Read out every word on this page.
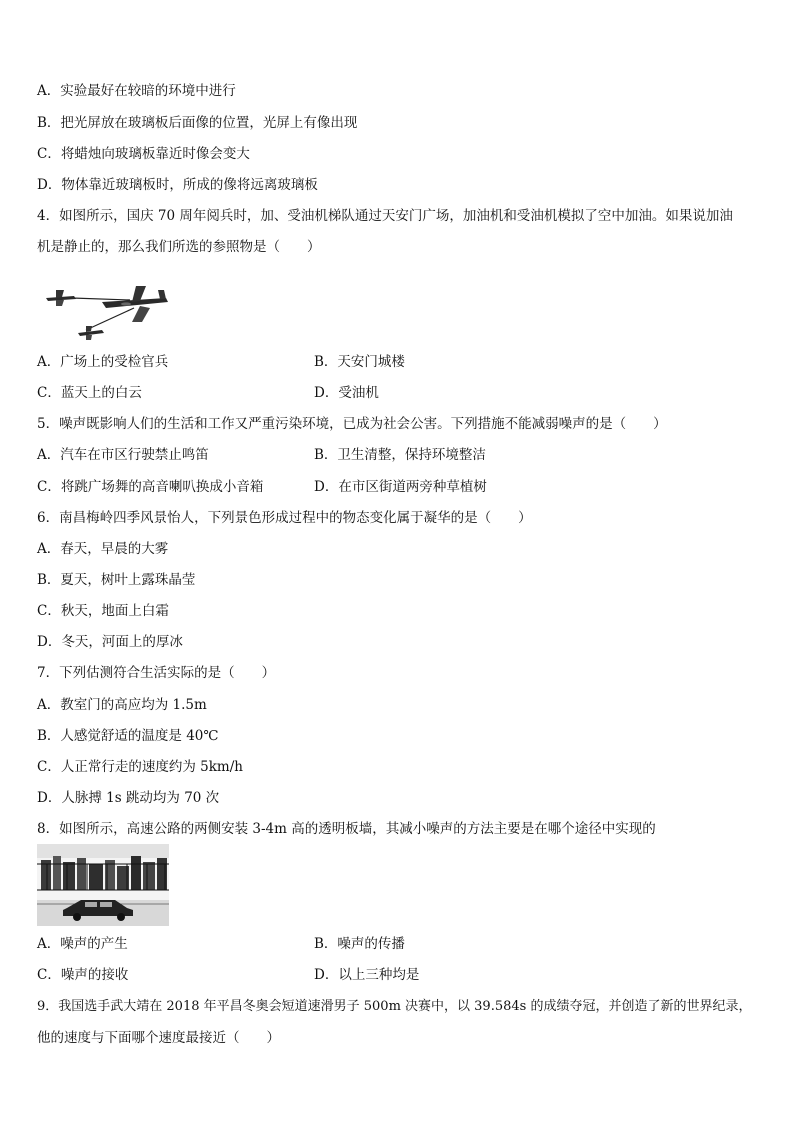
A．实验最好在较暗的环境中进行
B．把光屏放在玻璃板后面像的位置，光屏上有像出现
C．将蜡烛向玻璃板靠近时像会变大
D．物体靠近玻璃板时，所成的像将远离玻璃板
4．如图所示，国庆 70 周年阅兵时，加、受油机梯队通过天安门广场，加油机和受油机模拟了空中加油。如果说加油
机是静止的，那么我们所选的参照物是（　　）
A．广场上的受检官兵	B．天安门城楼
C．蓝天上的白云	D．受油机
5．噪声既影响人们的生活和工作又严重污染环境，已成为社会公害。下列措施不能减弱噪声的是（　　）
A．汽车在市区行驶禁止鸣笛	B．卫生清整，保持环境整洁
C．将跳广场舞的高音喇叭换成小音箱	D．在市区街道两旁种草植树
6．南昌梅岭四季风景怡人，下列景色形成过程中的物态变化属于凝华的是（　　）
A．春天，早晨的大雾
B．夏天，树叶上露珠晶莹
C．秋天，地面上白霜
D．冬天，河面上的厚冰
7．下列估测符合生活实际的是（　　）
A．教室门的高应均为 1.5m
B．人感觉舒适的温度是 40℃
C．人正常行走的速度约为 5km/h
D．人脉搏 1s 跳动均为 70 次
8．如图所示，高速公路的两侧安装 3-4m 高的透明板墙，其减小噪声的方法主要是在哪个途径中实现的
A．噪声的产生	B．噪声的传播
C．噪声的接收	D．以上三种均是
9．我国选手武大靖在 2018 年平昌冬奥会短道速滑男子 500m 决赛中，以 39.584s 的成绩夺冠，并创造了新的世界纪录，
他的速度与下面哪个速度最接近（　　）
